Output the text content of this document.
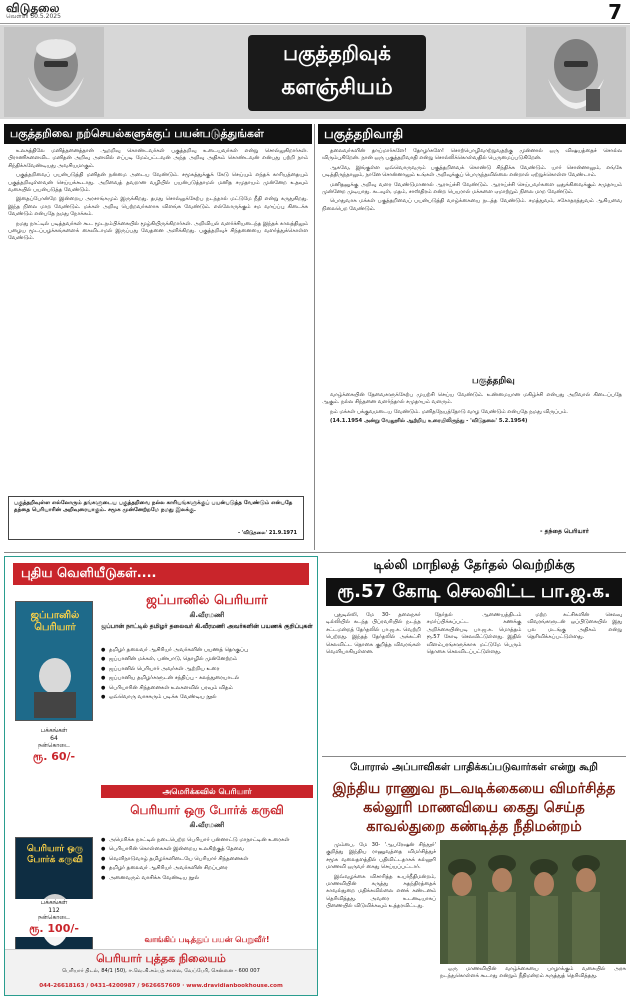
விடுதலை
வெள்ளி 30.5.2025	7
பகுத்தறிவுக்
களஞ்சியம்
பகுத்தறிவை நற்செயல்களுக்குப் பயன்படுத்துங்கள்

உலகத்திலே மனித்தனைத்தான் ஆறறிவு கொண்டவர்கள் பகுத்தறிவு உடையவர்கள் என்று சொல்லுகிறார்கள். பிராணிகளைவிட மனிதன் அறிவு அளவில் எப்படி மேம்பட்டவன் அந்த அறிவு அதிகம் கொண்டவன் என்பது பற்றி நாம் சிந்திக்கவேண்டியது அவசியமாகும்.

பகுத்தறிவைப் பயன்படுத்தி மனிதன் நன்மை அடைய வேண்டும். சமூகத்துக்குக் கேடு செய்யும் எந்தக் காரியத்தையும் பகுத்தறிவுள்ளவன் செய்யக்கூடாது. அறிவைத் தவறான வழியில் பயன்படுத்தாமல் மனித சமுதாயம் முன்னேற உதவும் வகையில் பயன்படுத்த வேண்டும்.

இதைப்போன்றே இன்றைய அரசாங்கமும் இருக்கிறது. தமது சொல்லுக்கேற்ப நடந்தால் மட்டுமே நீதி என்று கருதுகிறது. இந்த நிலை மாற வேண்டும். மக்கள் அறிவு பெற்றவர்களாக விளங்க வேண்டும். எல்லோருக்கும் சம வாய்ப்பு கிடைக்க வேண்டும் என்பதே நமது நோக்கம்.

நமது நாட்டில் படித்தவர்கள் கூட மூடநம்பிக்கையில் மூழ்கியிருக்கிறார்கள். அறிவியல் வளர்ச்சியடைந்த இந்தக் காலத்திலும் பழைய மூடப்பழக்கங்களைக் கைவிடாமல் இருப்பது வேதனை அளிக்கிறது. பகுத்தறிவுச் சிந்தனையை வளர்த்துக்கொள்ள வேண்டும்.

பகுத்தறிவுள்ள எல்லோரும் தங்களுடைய பகுத்தறிவை நல்ல காரியங்களுக்குப் பயன்படுத்த வேண்டும் என்பதே தந்தை பெரியாரின் அறிவுரையாகும். சமூக முன்னேற்றமே நமது இலக்கு.
- 'விடுதலை' 21.9.1971
பகுத்தறிவாதி

தலைவர்களின் தாய்மார்களே! தோழர்களே! சொற்பொழிவாற்றுவதற்கு முன்னால் ஒரு விஷயத்தைச் சொல்ல விரும்புகிறேன். நான் ஒரு பகுத்தறிவாதி என்று சொல்லிக்கொள்வதில் பெருமைப்படுகிறேன்.

ஆகவே, இங்குள்ள ஒவ்வொருவரும் பகுத்தறிவைக் கொண்டு சிந்திக்க வேண்டும். யார் சொன்னாலும், எங்கே படித்திருந்தாலும், நானே சொன்னாலும் உங்கள் அறிவுக்குப் பொருந்தவில்லை என்றால் ஏற்றுக்கொள்ள வேண்டாம்.

மனிதனுக்கு அறிவு வளர வேண்டுமானால் ஆராய்ச்சி வேண்டும். ஆராய்ச்சி செய்பவர்களை ஒதுக்கிவைக்கும் சமுதாயம் முன்னேற முடியாது. கடவுள், மதம், சாஸ்திரம் என்ற பெயரால் மக்களை ஏமாற்றும் நிலை மாற வேண்டும்.

பொதுவாக மக்கள் பகுத்தறிவைப் பயன்படுத்தி வாழ்க்கையை நடத்த வேண்டும். சமத்துவம், சகோதரத்துவம் ஆகியவை நிலைபெற வேண்டும்.

பகுத்தறிவு

வாழ்க்கையின் தேவைகளுக்கேற்ப முயற்சி செய்ய வேண்டும். உண்மையான மகிழ்ச்சி என்பது அறிவால் கிடைப்பதே ஆகும். நல்ல சிந்தனை வளர்ந்தால் சமுதாயம் வளரும்.

நம் மக்கள் பக்குவமடைய வேண்டும். மனிதநேயத்தோடு வாழ வேண்டும் என்பதே நமது விருப்பம்.

(14.1.1954 அன்று வேலூரில் ஆற்றிய உரையிலிருந்து - 'விடுதலை' 5.2.1954)

- தந்தை பெரியார்
புதிய வெளியீடுகள்....
ஜப்பானில் பெரியார்
பக்கங்கள்
64
நன்கொடை
ரூ. 60/-
ஜப்பானில் பெரியார்
கி.வீரமணி
ஜப்பான் நாட்டில் தமிழர் தலைவர் கி.வீரமணி அவர்களின் பயணக் குறிப்புகள்
● தமிழர் தலைவர் ஆசிரியர் அவர்களின் பயணத் தொகுப்பு
● ஜப்பானின் மக்கள், பண்பாடு, தொழில் முன்னேற்றம்
● ஜப்பானில் பெரியார் அவர்கள் ஆற்றிய உரை
● ஜப்பானிய தமிழர்களுடன் சந்திப்பு - கலந்துரையாடல்
● பெரியாரின் சிந்தனைகள் உலகளவில் பரவும் விதம்
● ஒவ்வொரு வாசகரும் படிக்க வேண்டிய நூல்
அமெரிக்கவில் பெரியார்
பெரியார் ஒரு போர்க் கருவி
கி.வீரமணி
பெரியார் ஒரு போர்க் கருவி
● அமெரிக்க நாட்டில் நடைபெற்ற பெரியார் பன்னாட்டு மாநாட்டின் உரைகள்
● பெரியாரின் கொள்கைகள் இன்றைய உலகிற்குத் தேவை
● வெளிநாடுவாழ் தமிழர்களிடையே பெரியார் சிந்தனைகள்
● தமிழர் தலைவர் ஆசிரியர் அவர்களின் சிறப்புரை
● அனைவரும் வாசிக்க வேண்டிய நூல்
பக்கங்கள்
112
நன்கொடை
ரூ. 100/-
வாங்கிப் படித்துப் பயன் பெறுவீர்!
பெரியார் புத்தக நிலையம்
பெரியார் திடல், 84/1 (50), ஈ.வெ.கி.சம்பத் சாலை, வேப்பேரி, சென்னை - 600 007
044-26618163 / 0431-4200987 / 9626657609 · www.dravidianbookhouse.com
டில்லி மாநிலத் தேர்தல் வெற்றிக்கு
ரூ.57 கோடி செலவிட்ட பா.ஜ.க.

புதுடில்லி, மே 30- தலைநகர் டில்லியில் கடந்த பிப்ரவரியில் நடந்த சட்டமன்றத் தேர்தலில் பா.ஜ.க. வெற்றி பெற்றது. இந்தத் தேர்தலில் அக்கட்சி செலவிட்ட தொகை குறித்த விவரங்கள் வெளியாகியுள்ளன.

தேர்தல் ஆணையத்திடம் சமர்ப்பிக்கப்பட்ட கணக்கு அறிக்கையின்படி பா.ஜ.க. மொத்தம் ரூ.57 கோடி செலவிட்டுள்ளது. இதில் விளம்பரங்களுக்காக மட்டுமே பெரும் தொகை செலவிடப்பட்டுள்ளது.

மற்ற கட்சிகளின் செலவு விவரங்களுடன் ஒப்பிடுகையில் இது பல மடங்கு அதிகம் என்று தெரிவிக்கப்பட்டுள்ளது.

போரால் அப்பாவிகள் பாதிக்கப்படுவார்கள் என்று கூறி
இந்திய ராணுவ நடவடிக்கையை விமர்சித்த கல்லூரி மாணவியை கைது செய்த காவல்துறை கண்டித்த நீதிமன்றம்

மும்பை, மே 30- 'ஆபரேஷன் சிந்தூர்' குறித்து இந்திய ராணுவத்தை விமர்சித்துச் சமூக வலைதளத்தில் பதிவிட்டதாகக் கல்லூரி மாணவி ஒருவர் கைது செய்யப்பட்டார்.

இவ்வழக்கை விசாரித்த உயர்நீதிமன்றம், மாணவியின் கருத்து சுதந்திரத்தைக் காவல்துறை மதிக்கவில்லை எனக் கண்டனம் தெரிவித்தது. அவரை உடனடியாகப் பிணையில் விடுவிக்கவும் உத்தரவிட்டது.

ஒரு மாணவியின் வாழ்க்கையை பாழாக்கும் வகையில் அரசு நடந்துகொள்ளக் கூடாது என்றும் நீதிமன்றம் கருத்துத் தெரிவித்தது.
